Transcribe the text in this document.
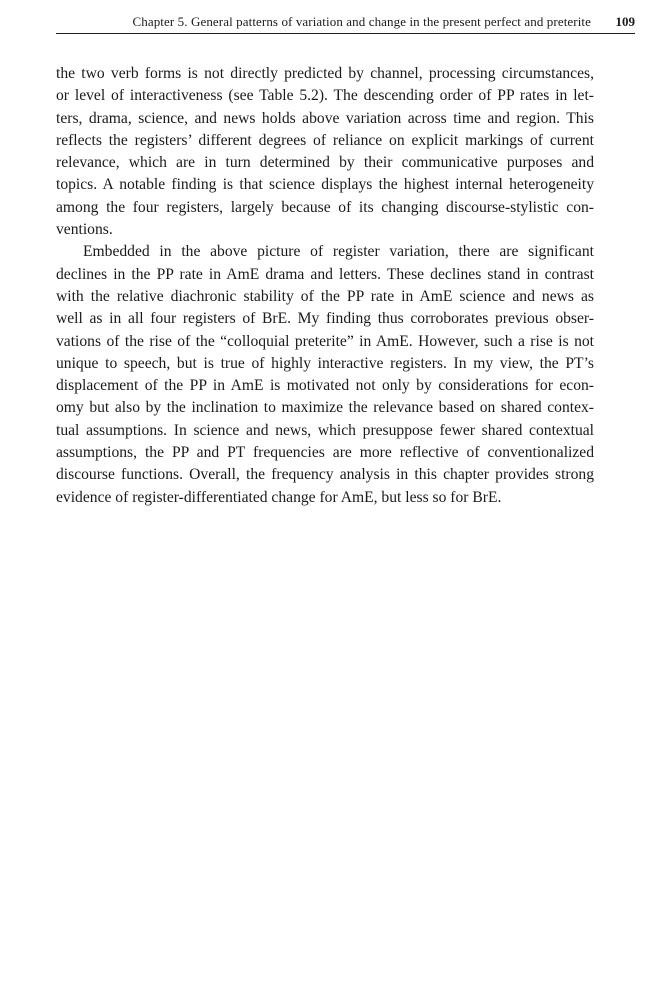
Chapter 5. General patterns of variation and change in the present perfect and preterite 109
the two verb forms is not directly predicted by channel, processing circumstances,
or level of interactiveness (see Table 5.2). The descending order of PP rates in let-
ters, drama, science, and news holds above variation across time and region. This
reflects the registers’ different degrees of reliance on explicit markings of current
relevance, which are in turn determined by their communicative purposes and
topics. A notable finding is that science displays the highest internal heterogeneity
among the four registers, largely because of its changing discourse-stylistic con-
ventions.
Embedded in the above picture of register variation, there are significant
declines in the PP rate in AmE drama and letters. These declines stand in contrast
with the relative diachronic stability of the PP rate in AmE science and news as
well as in all four registers of BrE. My finding thus corroborates previous obser-
vations of the rise of the “colloquial preterite” in AmE. However, such a rise is not
unique to speech, but is true of highly interactive registers. In my view, the PT’s
displacement of the PP in AmE is motivated not only by considerations for econ-
omy but also by the inclination to maximize the relevance based on shared contex-
tual assumptions. In science and news, which presuppose fewer shared contextual
assumptions, the PP and PT frequencies are more reflective of conventionalized
discourse functions. Overall, the frequency analysis in this chapter provides strong
evidence of register-differentiated change for AmE, but less so for BrE.
